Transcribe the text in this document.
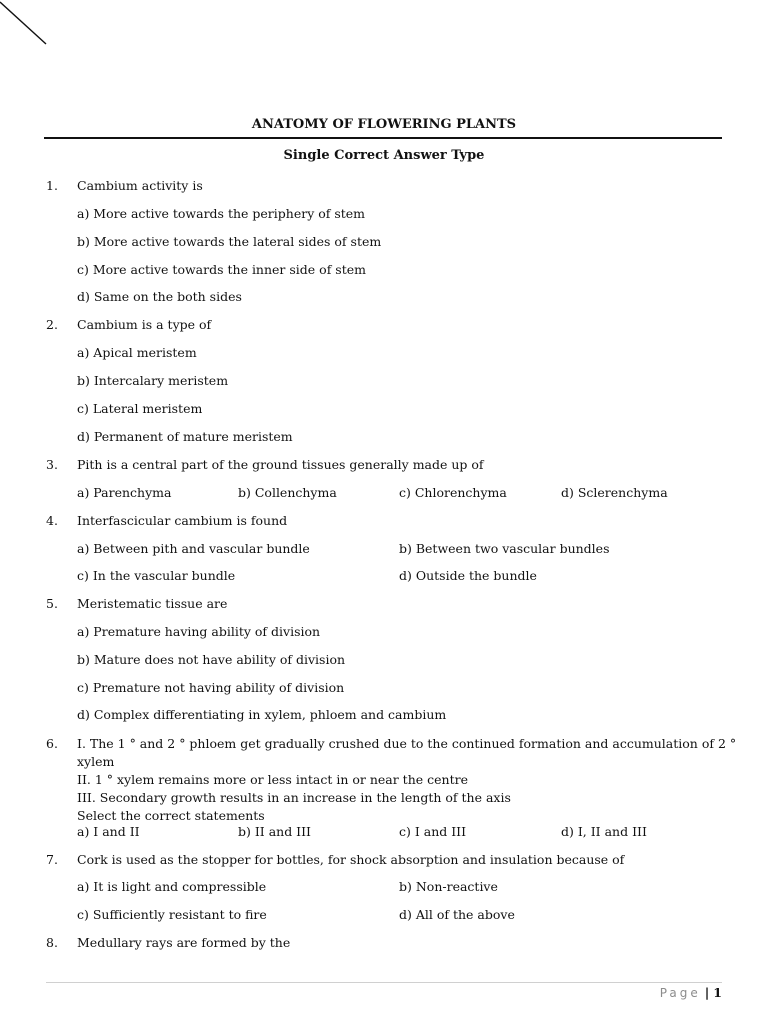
ANATOMY OF FLOWERING PLANTS
Single Correct Answer Type
1. Cambium activity is
a) More active towards the periphery of stem
b) More active towards the lateral sides of stem
c) More active towards the inner side of stem
d) Same on the both sides
2. Cambium is a type of
a) Apical meristem
b) Intercalary meristem
c) Lateral meristem
d) Permanent of mature meristem
3. Pith is a central part of the ground tissues generally made up of
a) Parenchyma	b) Collenchyma	c) Chlorenchyma	d) Sclerenchyma
4. Interfascicular cambium is found
a) Between pith and vascular bundle	b) Between two vascular bundles
c) In the vascular bundle	d) Outside the bundle
5. Meristematic tissue are
a) Premature having ability of division
b) Mature does not have ability of division
c) Premature not having ability of division
d) Complex differentiating in xylem, phloem and cambium
6. I. The 1 ° and 2 ° phloem get gradually crushed due to the continued formation and accumulation of 2 °
xylem
II. 1 ° xylem remains more or less intact in or near the centre
III. Secondary growth results in an increase in the length of the axis
Select the correct statements
a) I and II	b) II and III	c) I and III	d) I, II and III
7. Cork is used as the stopper for bottles, for shock absorption and insulation because of
a) It is light and compressible	b) Non-reactive
c) Sufficiently resistant to fire	d) All of the above
8. Medullary rays are formed by the
Page | 1
